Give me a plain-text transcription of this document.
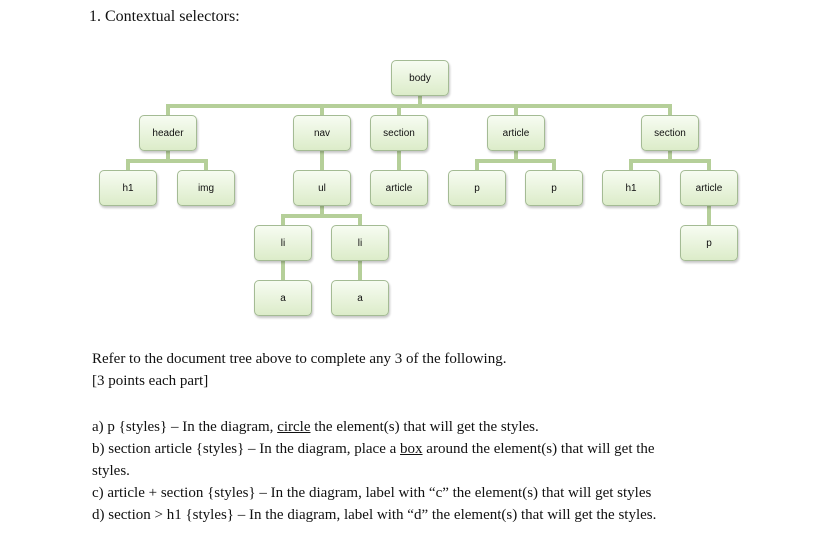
1. Contextual selectors:
body
header	nav	section	article	section
h1	img	ul	article	p	p	h1	article
li	li	p
a	a
Refer to the document tree above to complete any 3 of the following.
[3 points each part]
a) p {styles} – In the diagram, circle the element(s) that will get the styles.
b) section article {styles} – In the diagram, place a box around the element(s) that will get the
styles.
c) article + section {styles} – In the diagram, label with “c” the element(s) that will get styles
d) section > h1 {styles} – In the diagram, label with “d” the element(s) that will get the styles.
